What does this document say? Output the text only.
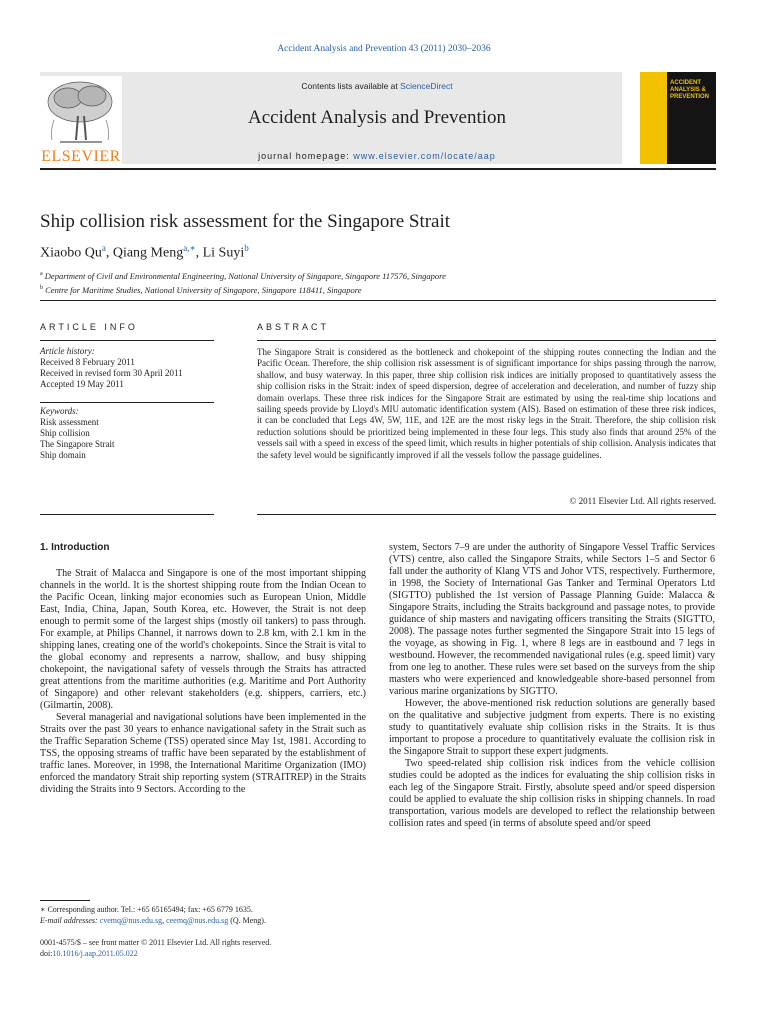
Accident Analysis and Prevention 43 (2011) 2030–2036
ELSEVIER
Contents lists available at ScienceDirect
Accident Analysis and Prevention
journal homepage: www.elsevier.com/locate/aap
ACCIDENT ANALYSIS & PREVENTION
Ship collision risk assessment for the Singapore Strait
Xiaobo Qu$^a$, Qiang Meng$^{a,∗}$, Li Suyi$^b$
$^a$ Department of Civil and Environmental Engineering, National University of Singapore, Singapore 117576, Singapore
$^b$ Centre for Maritime Studies, National University of Singapore, Singapore 118411, Singapore
ARTICLE INFO	ABSTRACT
Article history:
Received 8 February 2011
Received in revised form 30 April 2011
Accepted 19 May 2011
Keywords:
Risk assessment
Ship collision
The Singapore Strait
Ship domain
The Singapore Strait is considered as the bottleneck and chokepoint of the shipping routes connecting the Indian and the Pacific Ocean. Therefore, the ship collision risk assessment is of significant importance for ships passing through the narrow, shallow, and busy waterway. In this paper, three ship collision risk indices are initially proposed to quantitatively assess the ship collision risks in the Strait: index of speed dispersion, degree of acceleration and deceleration, and number of fuzzy ship domain overlaps. These three risk indices for the Singapore Strait are estimated by using the real-time ship locations and sailing speeds provide by Lloyd's MIU automatic identification system (AIS). Based on estimation of these three risk indices, it can be concluded that Legs 4W, 5W, 11E, and 12E are the most risky legs in the Strait. Therefore, the ship collision risk reduction solutions should be prioritized being implemented in these four legs. This study also finds that around 25% of the vessels sail with a speed in excess of the speed limit, which results in higher potentials of ship collision. Analysis indicates that the safety level would be significantly improved if all the vessels follow the passage guidelines.
© 2011 Elsevier Ltd. All rights reserved.
1. Introduction

The Strait of Malacca and Singapore is one of the most important shipping channels in the world. It is the shortest shipping route from the Indian Ocean to the Pacific Ocean, linking major economies such as European Union, Middle East, India, China, Japan, South Korea, etc. However, the Strait is not deep enough to permit some of the largest ships (mostly oil tankers) to pass through. For example, at Philips Channel, it narrows down to 2.8 km, with 2.1 km in the shipping lanes, creating one of the world's chokepoints. Since the Strait is vital to the global economy and represents a narrow, shallow, and busy shipping chokepoint, the navigational safety of vessels through the Straits has attracted great attentions from the maritime authorities (e.g. Maritime and Port Authority of Singapore) and other relevant stakeholders (e.g. shippers, carriers, etc.) (Gilmartin, 2008).

Several managerial and navigational solutions have been implemented in the Straits over the past 30 years to enhance navigational safety in the Strait such as the Traffic Separation Scheme (TSS) operated since May 1st, 1981. According to TSS, the opposing streams of traffic have been separated by the establishment of traffic lanes. Moreover, in 1998, the International Maritime Organization (IMO) enforced the mandatory Strait ship reporting system (STRAITREP) in the Straits dividing the Straits into 9 Sectors. According to the

system, Sectors 7–9 are under the authority of Singapore Vessel Traffic Services (VTS) centre, also called the Singapore Straits, while Sectors 1–5 and Sector 6 fall under the authority of Klang VTS and Johor VTS, respectively. Furthermore, in 1998, the Society of International Gas Tanker and Terminal Operators Ltd (SIGTTO) published the 1st version of Passage Planning Guide: Malacca & Singapore Straits, including the Straits background and passage notes, to provide guidance of ship masters and navigating officers transiting the Straits (SIGTTO, 2008). The passage notes further segmented the Singapore Strait into 15 legs of the voyage, as showing in Fig. 1, where 8 legs are in eastbound and 7 legs in westbound. However, the recommended navigational rules (e.g. speed limit) vary from one leg to another. These rules were set based on the surveys from the ship masters who were experienced and knowledgeable shore-based personnel from various marine organizations by SIGTTO.

However, the above-mentioned risk reduction solutions are generally based on the qualitative and subjective judgment from experts. There is no existing study to quantitatively evaluate ship collision risks in the Straits. It is thus important to propose a procedure to quantitatively evaluate the collision risk in the Singapore Strait to support these expert judgments.

Two speed-related ship collision risk indices from the vehicle collision studies could be adopted as the indices for evaluating the ship collision risks in each leg of the Singapore Strait. Firstly, absolute speed and/or speed dispersion could be applied to evaluate the ship collision risks in shipping channels. In road transportation, various models are developed to reflect the relationship between collision rates and speed (in terms of absolute speed and/or speed

∗ Corresponding author. Tel.: +65 65165494; fax: +65 6779 1635.
E-mail addresses: cvemq@nus.edu.sg, ceemq@nus.edu.sg (Q. Meng).
0001-4575/$ – see front matter © 2011 Elsevier Ltd. All rights reserved.
doi:10.1016/j.aap.2011.05.022
